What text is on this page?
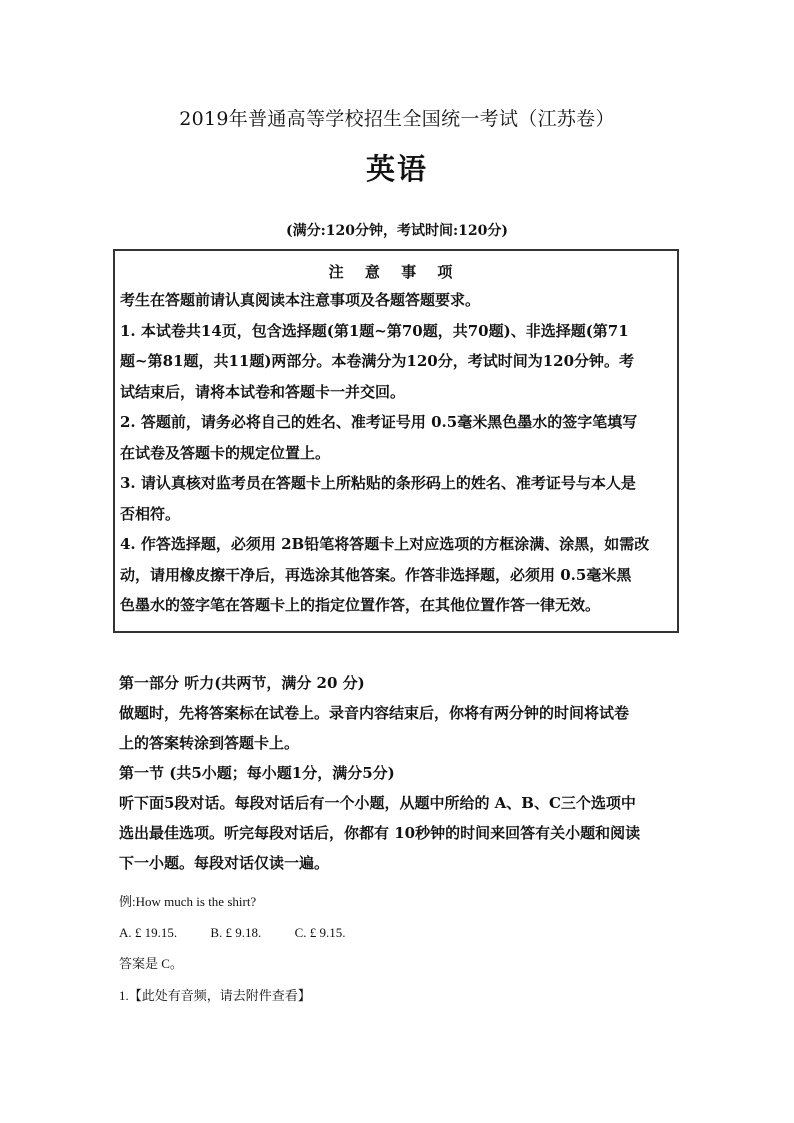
2019年普通高等学校招生全国统一考试（江苏卷）
英语
(满分:120分钟，考试时间:120分)
注 意 事 项
考生在答题前请认真阅读本注意事项及各题答题要求。
1. 本试卷共14页，包含选择题(第1题~第70题，共70题)、非选择题(第71
题~第81题，共11题)两部分。本卷满分为120分，考试时间为120分钟。考
试结束后，请将本试卷和答题卡一并交回。
2. 答题前，请务必将自己的姓名、准考证号用 0.5毫米黑色墨水的签字笔填写
在试卷及答题卡的规定位置上。
3. 请认真核对监考员在答题卡上所粘贴的条形码上的姓名、准考证号与本人是
否相符。
4. 作答选择题，必须用 2B铅笔将答题卡上对应选项的方框涂满、涂黑，如需改
动，请用橡皮擦干净后，再选涂其他答案。作答非选择题，必须用 0.5毫米黑
色墨水的签字笔在答题卡上的指定位置作答，在其他位置作答一律无效。
第一部分 听力(共两节，满分 20 分)
做题时，先将答案标在试卷上。录音内容结束后，你将有两分钟的时间将试卷
上的答案转涂到答题卡上。
第一节 (共5小题；每小题1分，满分5分)
听下面5段对话。每段对话后有一个小题，从题中所给的 A、B、C三个选项中
选出最佳选项。听完每段对话后，你都有 10秒钟的时间来回答有关小题和阅读
下一小题。每段对话仅读一遍。
例:How much is the shirt?
A. £ 19.15.	B. £ 9.18.	C. £ 9.15.
答案是 C。
1.【此处有音频，请去附件查看】
